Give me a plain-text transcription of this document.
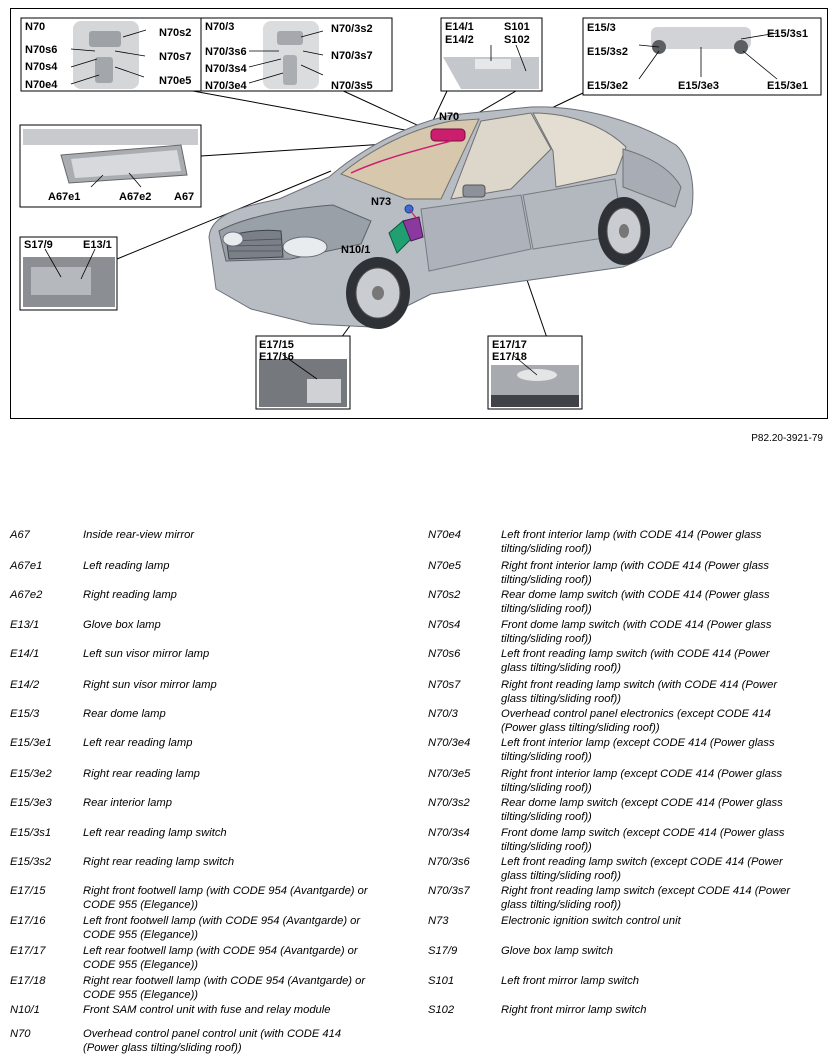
N70	N70s2
N70s6
N70s7
N70s4
N70e4	N70e5
N70/3	N70/3s2
N70/3s6	N70/3s7
N70/3s4
N70/3s5
N70/3e4
E14/1	S101
E14/2	S102
E15/3	E15/3s1
E15/3s2
E15/3e2	E15/3e3	E15/3e1
A67e1	A67e2 A67
S17/9	E13/1
E17/15
E17/16
E17/17
E17/18
N70
N73
N10/1
P82.20-3921-79
A67	Inside rear-view mirror
A67e1	Left reading lamp
A67e2	Right reading lamp
E13/1	Glove box lamp
E14/1	Left sun visor mirror lamp
E14/2	Right sun visor mirror lamp
E15/3	Rear dome lamp
E15/3e1	Left rear reading lamp
E15/3e2	Right rear reading lamp
E15/3e3	Rear interior lamp
E15/3s1	Left rear reading lamp switch
E15/3s2	Right rear reading lamp switch
E17/15	Right front footwell lamp (with CODE 954 (Avantgarde) or
CODE 955 (Elegance))
E17/16	Left front footwell lamp (with CODE 954 (Avantgarde) or
CODE 955 (Elegance))
E17/17	Left rear footwell lamp (with CODE 954 (Avantgarde) or
CODE 955 (Elegance))
E17/18	Right rear footwell lamp (with CODE 954 (Avantgarde) or
CODE 955 (Elegance))
N10/1	Front SAM control unit with fuse and relay module
N70	Overhead control panel control unit (with CODE 414
(Power glass tilting/sliding roof))
N70e4	Left front interior lamp (with CODE 414 (Power glass
tilting/sliding roof))
N70e5	Right front interior lamp (with CODE 414 (Power glass
tilting/sliding roof))
N70s2	Rear dome lamp switch (with CODE 414 (Power glass
tilting/sliding roof))
N70s4	Front dome lamp switch (with CODE 414 (Power glass
tilting/sliding roof))
N70s6	Left front reading lamp switch (with CODE 414 (Power
glass tilting/sliding roof))
N70s7	Right front reading lamp switch (with CODE 414 (Power
glass tilting/sliding roof))
N70/3	Overhead control panel electronics (except CODE 414
(Power glass tilting/sliding roof))
N70/3e4	Left front interior lamp (except CODE 414 (Power glass
tilting/sliding roof))
N70/3e5	Right front interior lamp (except CODE 414 (Power glass
tilting/sliding roof))
N70/3s2	Rear dome lamp switch (except CODE 414 (Power glass
tilting/sliding roof))
N70/3s4	Front dome lamp switch (except CODE 414 (Power glass
tilting/sliding roof))
N70/3s6	Left front reading lamp switch (except CODE 414 (Power
glass tilting/sliding roof))
N70/3s7	Right front reading lamp switch (except CODE 414 (Power
glass tilting/sliding roof))
N73	Electronic ignition switch control unit
S17/9	Glove box lamp switch
S101	Left front mirror lamp switch
S102	Right front mirror lamp switch
